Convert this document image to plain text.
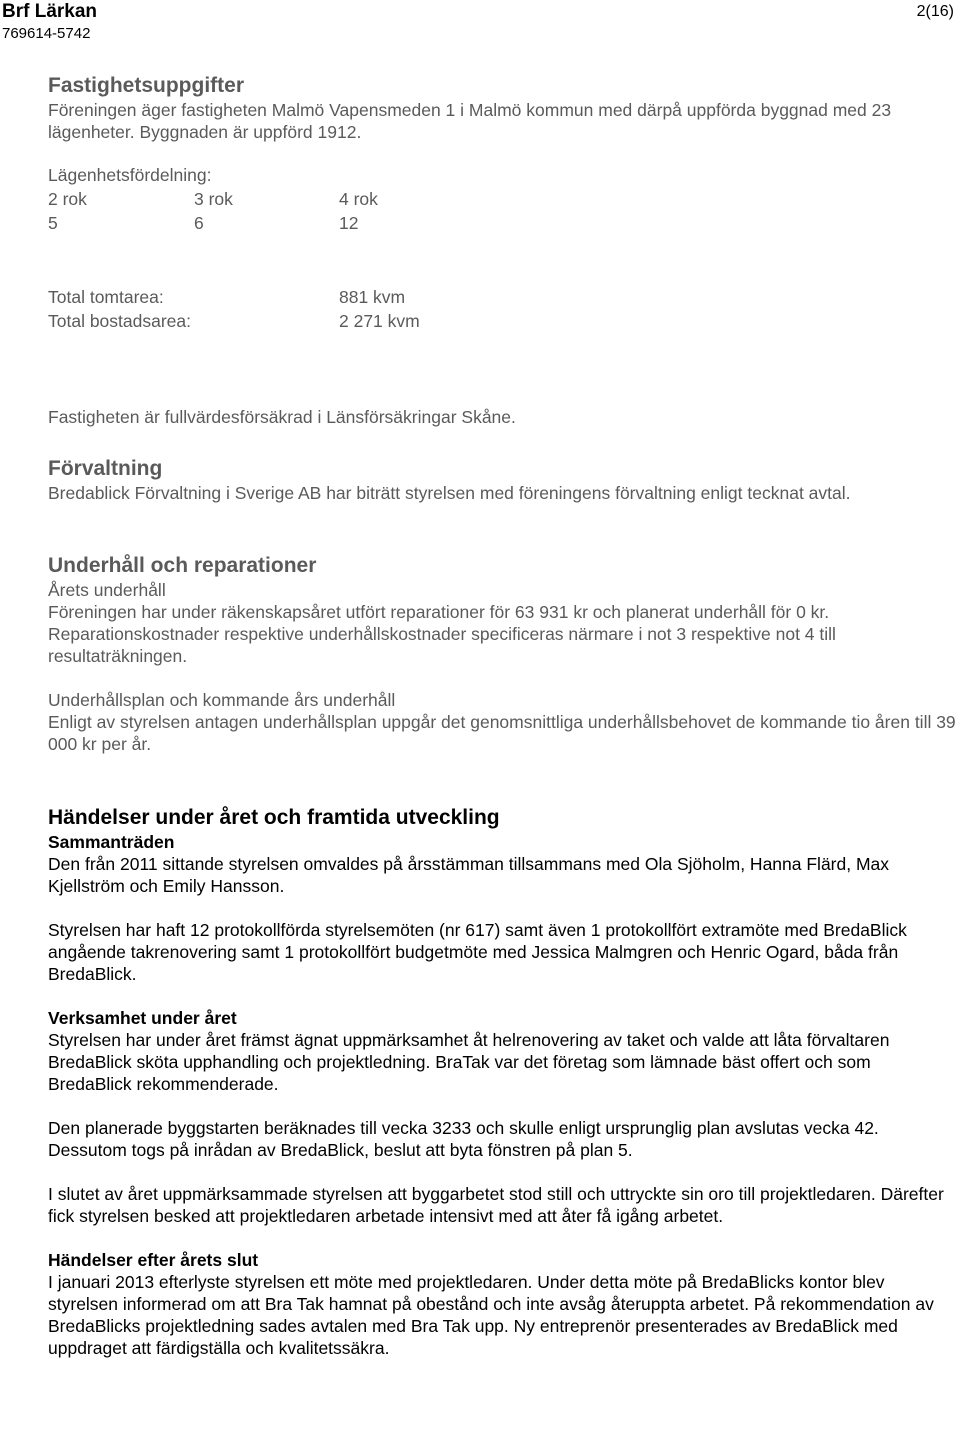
Brf Lärkan
769614-5742
2(16)
Fastighetsuppgifter

Föreningen äger fastigheten Malmö Vapensmeden 1 i Malmö kommun med därpå uppförda byggnad med 23 lägenheter. Byggnaden är uppförd 1912.

Lägenhetsfördelning:
2 rok	3 rok	4 rok
5	6	12
Total tomtarea:	881 kvm
Total bostadsarea:	2 271 kvm

Fastigheten är fullvärdesförsäkrad i Länsförsäkringar Skåne.

Förvaltning

Bredablick Förvaltning i Sverige AB har biträtt styrelsen med föreningens förvaltning enligt tecknat avtal.

Underhåll och reparationer
Årets underhåll

Föreningen har under räkenskapsåret utfört reparationer för 63 931 kr och planerat underhåll för 0 kr. Reparationskostnader respektive underhållskostnader specificeras närmare i not 3 respektive not 4 till resultaträkningen.

Underhållsplan och kommande års underhåll

Enligt av styrelsen antagen underhållsplan uppgår det genomsnittliga underhållsbehovet de kommande tio åren till 39 000 kr per år.

Händelser under året och framtida utveckling
Sammanträden

Den från 2011 sittande styrelsen omvaldes på årsstämman tillsammans med Ola Sjöholm, Hanna Flärd, Max Kjellström och Emily Hansson.

Styrelsen har haft 12 protokollförda styrelsemöten (nr 617) samt även 1 protokollfört extramöte med BredaBlick angående takrenovering samt 1 protokollfört budgetmöte med Jessica Malmgren och Henric Ogard, båda från BredaBlick.

Verksamhet under året

Styrelsen har under året främst ägnat uppmärksamhet åt helrenovering av taket och valde att låta förvaltaren BredaBlick sköta upphandling och projektledning. BraTak var det företag som lämnade bäst offert och som BredaBlick rekommenderade.

Den planerade byggstarten beräknades till vecka 3233 och skulle enligt ursprunglig plan avslutas vecka 42. Dessutom togs på inrådan av BredaBlick, beslut att byta fönstren på plan 5.

I slutet av året uppmärksammade styrelsen att byggarbetet stod still och uttryckte sin oro till projektledaren. Därefter fick styrelsen besked att projektledaren arbetade intensivt med att åter få igång arbetet.

Händelser efter årets slut

I januari 2013 efterlyste styrelsen ett möte med projektledaren. Under detta möte på BredaBlicks kontor blev styrelsen informerad om att Bra Tak hamnat på obestånd och inte avsåg återuppta arbetet. På rekommendation av BredaBlicks projektledning sades avtalen med Bra Tak upp. Ny entreprenör presenterades av BredaBlick med uppdraget att färdigställa och kvalitetssäkra.
